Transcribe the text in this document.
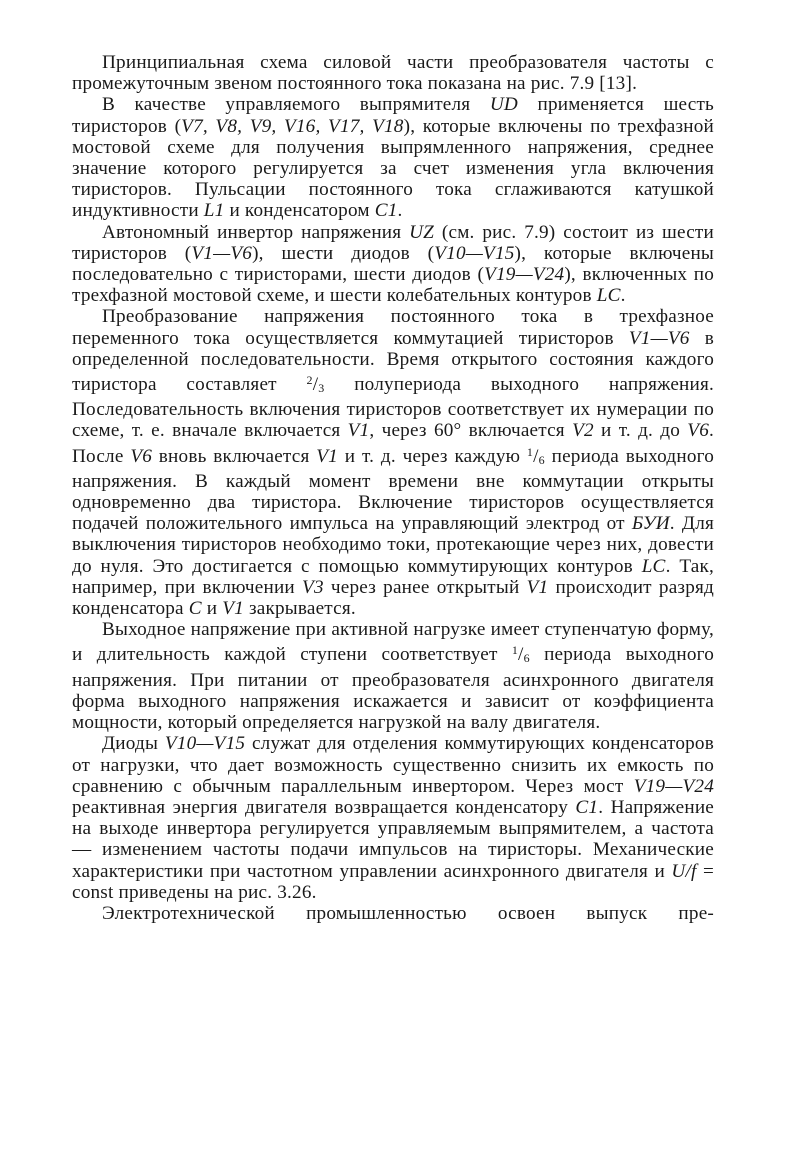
Принципиальная схема силовой части преобразователя частоты с промежуточным звеном постоянного тока показана на рис. 7.9 [13].

В качестве управляемого выпрямителя UD применяется шесть тиристоров (V7, V8, V9, V16, V17, V18), которые включены по трехфазной мостовой схеме для получения выпрямленного напряжения, среднее значение которого регулируется за счет изменения угла включения тиристоров. Пульсации постоянного тока сглаживаются катушкой индуктивности L1 и конденсатором C1.

Автономный инвертор напряжения UZ (см. рис. 7.9) состоит из шести тиристоров (V1—V6), шести диодов (V10—V15), которые включены последовательно с тиристорами, шести диодов (V19—V24), включенных по трехфазной мостовой схеме, и шести колебательных контуров LC.

Преобразование напряжения постоянного тока в трехфазное переменного тока осуществляется коммутацией тиристоров V1—V6 в определенной последовательности. Время открытого состояния каждого тиристора составляет $^2/_3$ полупериода выходного напряжения. Последовательность включения тиристоров соответствует их нумерации по схеме, т. е. вначале включается V1, через 60° включается V2 и т. д. до V6. После V6 вновь включается V1 и т. д. через каждую $^1/_6$ периода выходного напряжения. В каждый момент времени вне коммутации открыты одновременно два тиристора. Включение тиристоров осуществляется подачей положительного импульса на управляющий электрод от БУИ. Для выключения тиристоров необходимо токи, протекающие через них, довести до нуля. Это достигается с помощью коммутирующих контуров LC. Так, например, при включении V3 через ранее открытый V1 происходит разряд конденсатора C и V1 закрывается.

Выходное напряжение при активной нагрузке имеет ступенчатую форму, и длительность каждой ступени соответствует $^1/_6$ периода выходного напряжения. При питании от преобразователя асинхронного двигателя форма выходного напряжения искажается и зависит от коэффициента мощности, который определяется нагрузкой на валу двигателя.

Диоды V10—V15 служат для отделения коммутирующих конденсаторов от нагрузки, что дает возможность существенно снизить их емкость по сравнению с обычным параллельным инвертором. Через мост V19—V24 реактивная энергия двигателя возвращается конденсатору C1. Напряжение на выходе инвертора регулируется управляемым выпрямителем, а частота — изменением частоты подачи импульсов на тиристоры. Механические характеристики при частотном управлении асинхронного двигателя и U/f = const приведены на рис. 3.26.

Электротехнической промышленностью освоен выпуск пре-
